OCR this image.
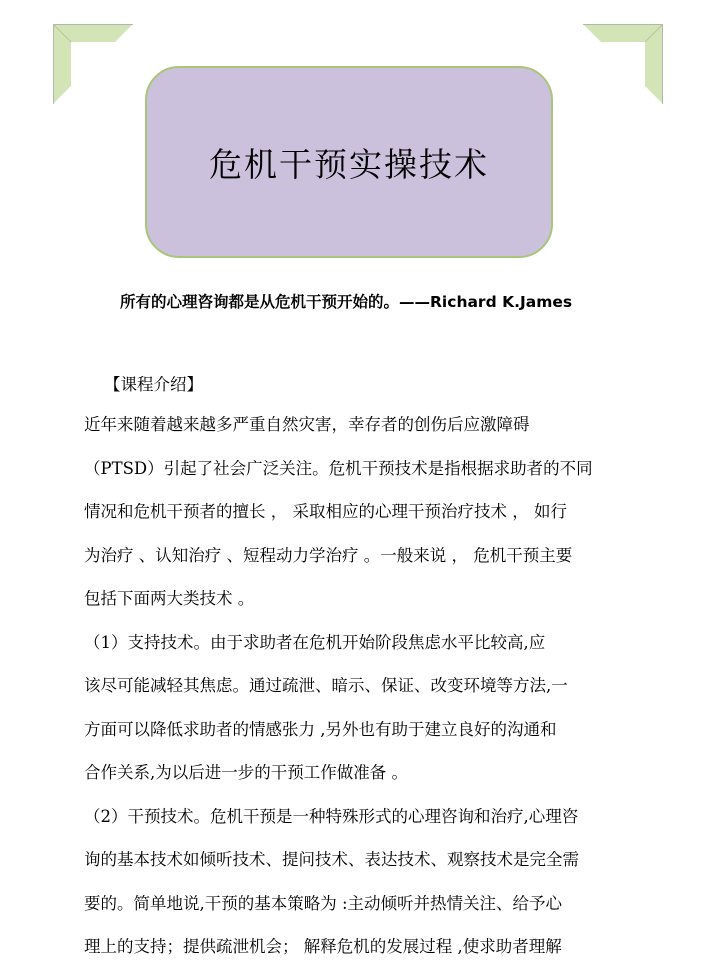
危机干预实操技术
所有的心理咨询都是从危机干预开始的。——Richard K.James
【课程介绍】
近年来随着越来越多严重自然灾害，幸存者的创伤后应激障碍
（PTSD）引起了社会广泛关注。危机干预技术是指根据求助者的不同
情况和危机干预者的擅长 ， 采取相应的心理干预治疗技术 ， 如行
为治疗 、认知治疗 、短程动力学治疗 。一般来说 ， 危机干预主要
包括下面两大类技术 。
（1）支持技术。由于求助者在危机开始阶段焦虑水平比较高,应
该尽可能减轻其焦虑。通过疏泄、暗示、保证、改变环境等方法,一
方面可以降低求助者的情感张力 ,另外也有助于建立良好的沟通和
合作关系,为以后进一步的干预工作做准备 。
（2）干预技术。危机干预是一种特殊形式的心理咨询和治疗,心理咨
询的基本技术如倾听技术、提问技术、表达技术、观察技术是完全需
要的。简单地说,干预的基本策略为 :主动倾听并热情关注、给予心
理上的支持；提供疏泄机会； 解释危机的发展过程 ,使求助者理解
